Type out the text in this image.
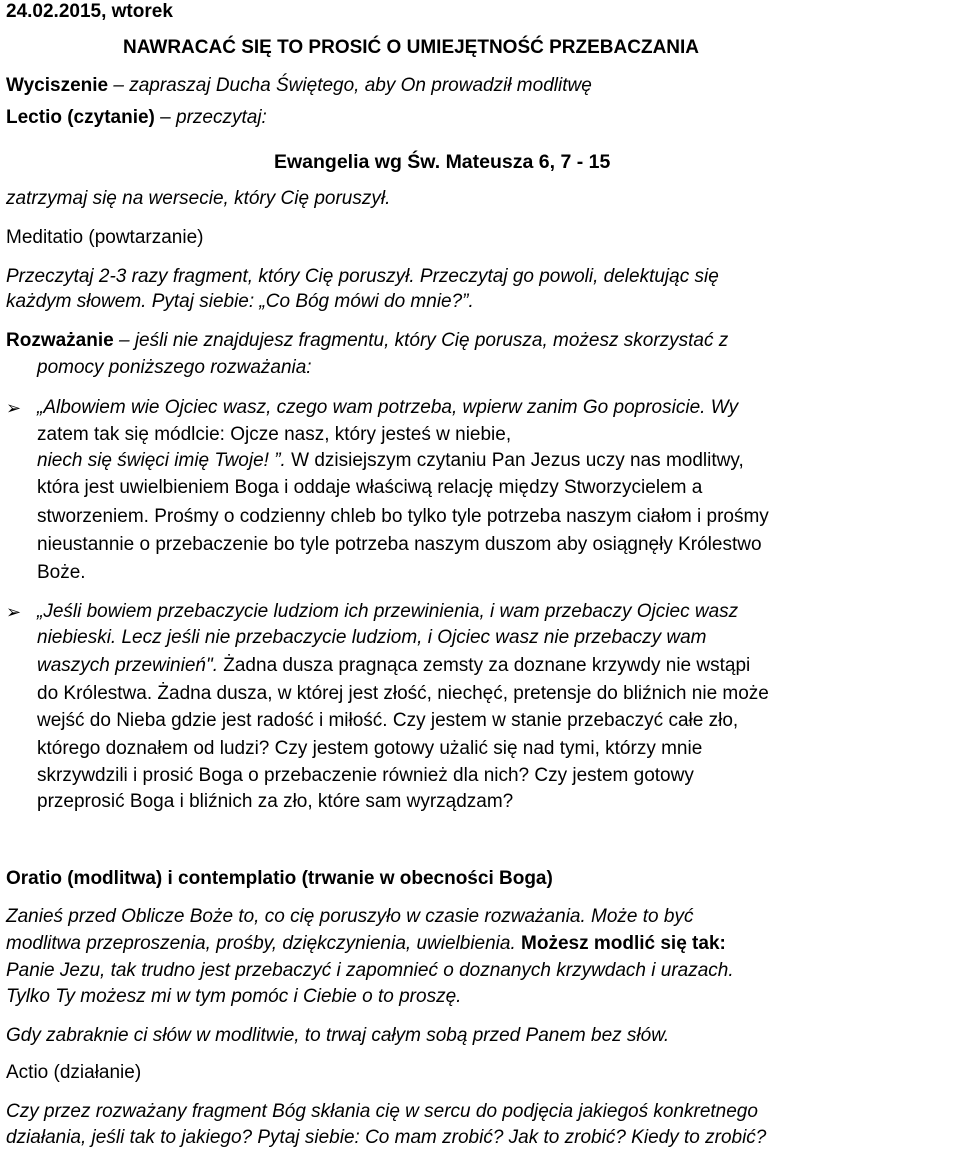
24.02.2015, wtorek
NAWRACAĆ SIĘ TO PROSIĆ O UMIEJĘTNOŚĆ PRZEBACZANIA
Wyciszenie – zapraszaj Ducha Świętego, aby On prowadził modlitwę
Lectio (czytanie) – przeczytaj:
Ewangelia wg Św. Mateusza 6, 7 - 15
zatrzymaj się na wersecie, który Cię poruszył.
Meditatio (powtarzanie)
Przeczytaj 2-3 razy fragment, który Cię poruszył. Przeczytaj go powoli, delektując się
każdym słowem. Pytaj siebie: „Co Bóg mówi do mnie?”.
Rozważanie – jeśli nie znajdujesz fragmentu, który Cię porusza, możesz skorzystać z
pomocy poniższego rozważania:
➢ „Albowiem wie Ojciec wasz, czego wam potrzeba, wpierw zanim Go poprosicie. Wy
zatem tak się módlcie: Ojcze nasz, który jesteś w niebie,
niech się święci imię Twoje! ”. W dzisiejszym czytaniu Pan Jezus uczy nas modlitwy,
która jest uwielbieniem Boga i oddaje właściwą relację między Stworzycielem a
stworzeniem. Prośmy o codzienny chleb bo tylko tyle potrzeba naszym ciałom i prośmy
nieustannie o przebaczenie bo tyle potrzeba naszym duszom aby osiągnęły Królestwo
Boże.
➢ „Jeśli bowiem przebaczycie ludziom ich przewinienia, i wam przebaczy Ojciec wasz
niebieski. Lecz jeśli nie przebaczycie ludziom, i Ojciec wasz nie przebaczy wam
waszych przewinień". Żadna dusza pragnąca zemsty za doznane krzywdy nie wstąpi
do Królestwa. Żadna dusza, w której jest złość, niechęć, pretensje do bliźnich nie może
wejść do Nieba gdzie jest radość i miłość. Czy jestem w stanie przebaczyć całe zło,
którego doznałem od ludzi? Czy jestem gotowy użalić się nad tymi, którzy mnie
skrzywdzili i prosić Boga o przebaczenie również dla nich? Czy jestem gotowy
przeprosić Boga i bliźnich za zło, które sam wyrządzam?
Oratio (modlitwa) i contemplatio (trwanie w obecności Boga)
Zanieś przed Oblicze Boże to, co cię poruszyło w czasie rozważania. Może to być
modlitwa przeproszenia, prośby, dziękczynienia, uwielbienia. Możesz modlić się tak:
Panie Jezu, tak trudno jest przebaczyć i zapomnieć o doznanych krzywdach i urazach.
Tylko Ty możesz mi w tym pomóc i Ciebie o to proszę.
Gdy zabraknie ci słów w modlitwie, to trwaj całym sobą przed Panem bez słów.
Actio (działanie)
Czy przez rozważany fragment Bóg skłania cię w sercu do podjęcia jakiegoś konkretnego
działania, jeśli tak to jakiego? Pytaj siebie: Co mam zrobić? Jak to zrobić? Kiedy to zrobić?
